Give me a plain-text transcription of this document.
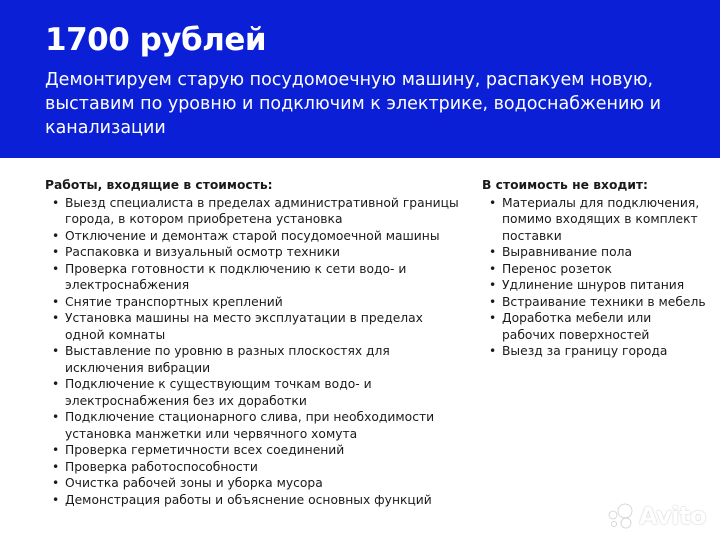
1700 рублей
Демонтируем старую посудомоечную машину, распакуем новую, выставим по уровню и подключим к электрике, водоснабжению и канализации
Работы, входящие в стоимость:
• Выезд специалиста в пределах административной границы города, в котором приобретена установка
• Отключение и демонтаж старой посудомоечной машины
• Распаковка и визуальный осмотр техники
• Проверка готовности к подключению к сети водо- и электроснабжения
• Снятие транспортных креплений
• Установка машины на место эксплуатации в пределах одной комнаты
• Выставление по уровню в разных плоскостях для исключения вибрации
• Подключение к существующим точкам водо- и электроснабжения без их доработки
• Подключение стационарного слива, при необходимости установка манжетки или червячного хомута
• Проверка герметичности всех соединений
• Проверка работоспособности
• Очистка рабочей зоны и уборка мусора
• Демонстрация работы и объяснение основных функций
В стоимость не входит:
• Материалы для подключения, помимо входящих в комплект поставки
• Выравнивание пола
• Перенос розеток
• Удлинение шнуров питания
• Встраивание техники в мебель
• Доработка мебели или рабочих поверхностей
• Выезд за границу города
Avito
